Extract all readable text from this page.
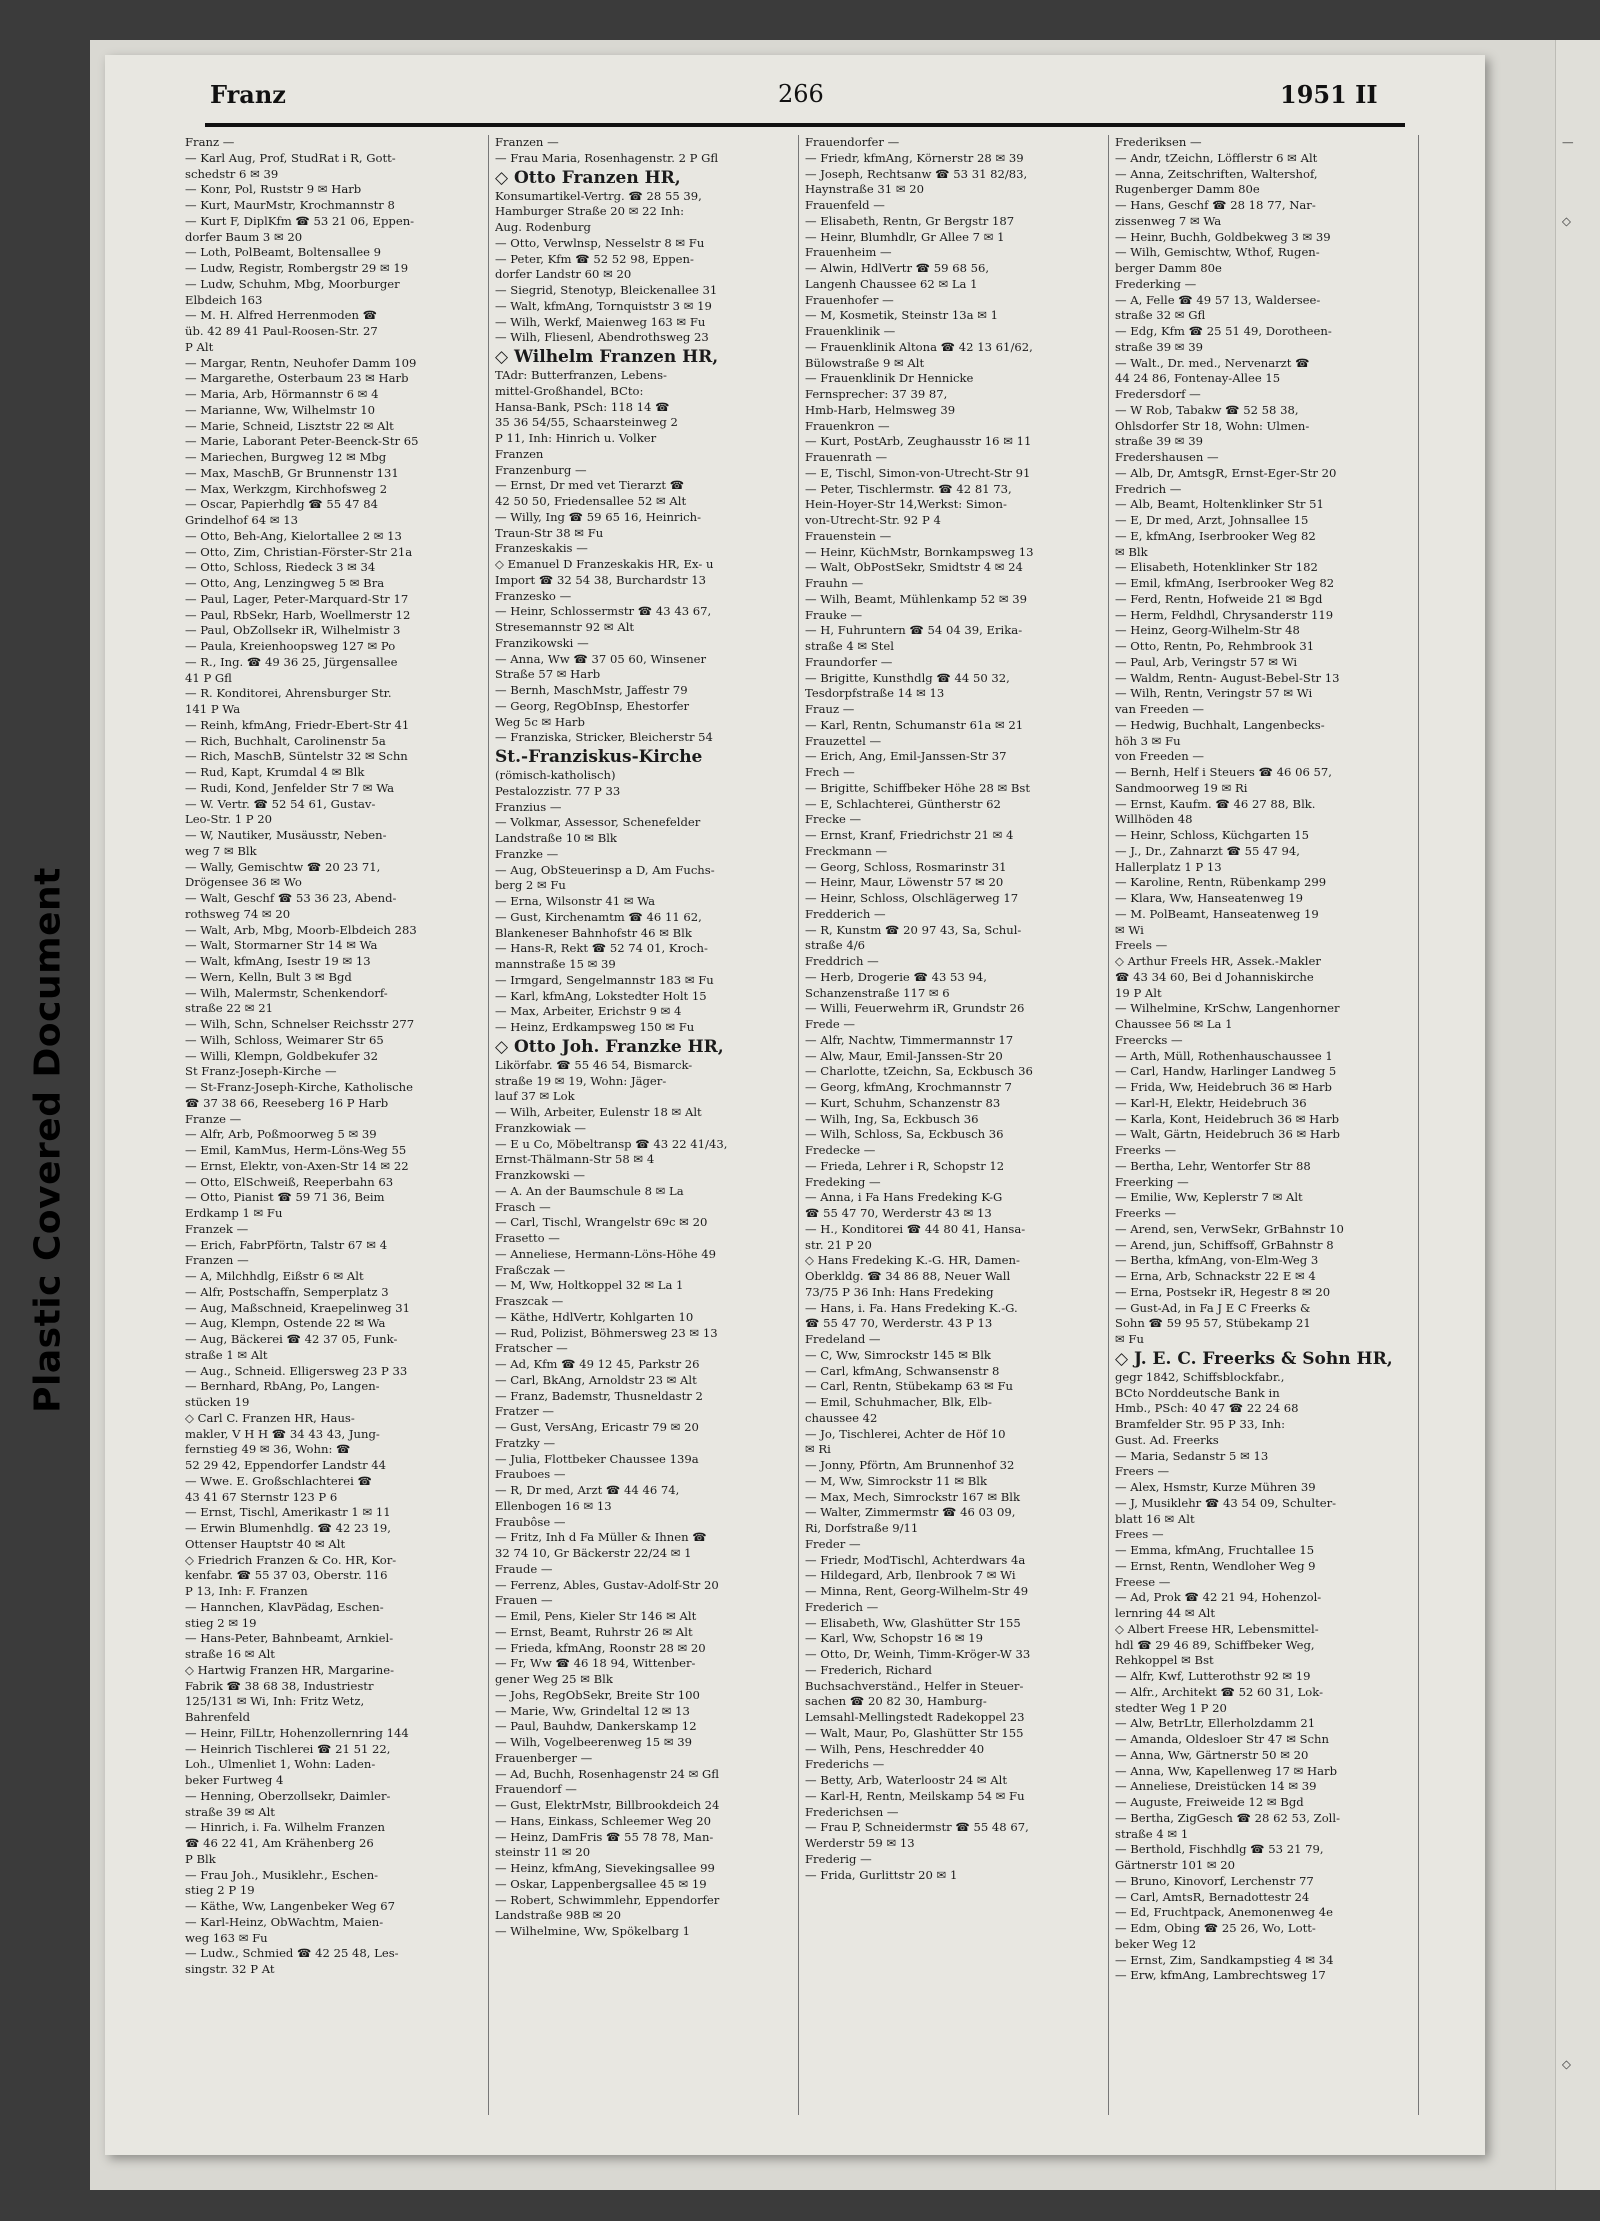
Plastic Covered Document
Franz	266	1951 II
Franz —
— Karl Aug, Prof, StudRat i R, Gott-
schedstr 6 ✉ 39
— Konr, Pol, Ruststr 9 ✉ Harb
— Kurt, MaurMstr, Krochmannstr 8
— Kurt F, DiplKfm ☎ 53 21 06, Eppen-
dorfer Baum 3 ✉ 20
— Loth, PolBeamt, Boltensallee 9
— Ludw, Registr, Rombergstr 29 ✉ 19
— Ludw, Schuhm, Mbg, Moorburger
Elbdeich 163
— M. H. Alfred Herrenmoden ☎
üb. 42 89 41 Paul-Roosen-Str. 27
P Alt
— Margar, Rentn, Neuhofer Damm 109
— Margarethe, Osterbaum 23 ✉ Harb
— Maria, Arb, Hörmannstr 6 ✉ 4
— Marianne, Ww, Wilhelmstr 10
— Marie, Schneid, Lisztstr 22 ✉ Alt
— Marie, Laborant Peter-Beenck-Str 65
— Mariechen, Burgweg 12 ✉ Mbg
— Max, MaschB, Gr Brunnenstr 131
— Max, Werkzgm, Kirchhofsweg 2
— Oscar, Papierhdlg ☎ 55 47 84
Grindelhof 64 ✉ 13
— Otto, Beh-Ang, Kielortallee 2 ✉ 13
— Otto, Zim, Christian-Förster-Str 21a
— Otto, Schloss, Riedeck 3 ✉ 34
— Otto, Ang, Lenzingweg 5 ✉ Bra
— Paul, Lager, Peter-Marquard-Str 17
— Paul, RbSekr, Harb, Woellmerstr 12
— Paul, ObZollsekr iR, Wilhelmistr 3
— Paula, Kreienhoopsweg 127 ✉ Po
— R., Ing. ☎ 49 36 25, Jürgensallee
41 P Gfl
— R. Konditorei, Ahrensburger Str.
141 P Wa
— Reinh, kfmAng, Friedr-Ebert-Str 41
— Rich, Buchhalt, Carolinenstr 5a
— Rich, MaschB, Süntelstr 32 ✉ Schn
— Rud, Kapt, Krumdal 4 ✉ Blk
— Rudi, Kond, Jenfelder Str 7 ✉ Wa
— W. Vertr. ☎ 52 54 61, Gustav-
Leo-Str. 1 P 20
— W, Nautiker, Musäusstr, Neben-
weg 7 ✉ Blk
— Wally, Gemischtw ☎ 20 23 71,
Drögensee 36 ✉ Wo
— Walt, Geschf ☎ 53 36 23, Abend-
rothsweg 74 ✉ 20
— Walt, Arb, Mbg, Moorb-Elbdeich 283
— Walt, Stormarner Str 14 ✉ Wa
— Walt, kfmAng, Isestr 19 ✉ 13
— Wern, Kelln, Bult 3 ✉ Bgd
— Wilh, Malermstr, Schenkendorf-
straße 22 ✉ 21
— Wilh, Schn, Schnelser Reichsstr 277
— Wilh, Schloss, Weimarer Str 65
— Willi, Klempn, Goldbekufer 32
St Franz-Joseph-Kirche —
— St-Franz-Joseph-Kirche, Katholische
☎ 37 38 66, Reeseberg 16 P Harb
Franze —
— Alfr, Arb, Poßmoorweg 5 ✉ 39
— Emil, KamMus, Herm-Löns-Weg 55
— Ernst, Elektr, von-Axen-Str 14 ✉ 22
— Otto, ElSchweiß, Reeperbahn 63
— Otto, Pianist ☎ 59 71 36, Beim
Erdkamp 1 ✉ Fu
Franzek —
— Erich, FabrPförtn, Talstr 67 ✉ 4
Franzen —
— A, Milchhdlg, Eißstr 6 ✉ Alt
— Alfr, Postschaffn, Semperplatz 3
— Aug, Maßschneid, Kraepelinweg 31
— Aug, Klempn, Ostende 22 ✉ Wa
— Aug, Bäckerei ☎ 42 37 05, Funk-
straße 1 ✉ Alt
— Aug., Schneid. Elligersweg 23 P 33
— Bernhard, RbAng, Po, Langen-
stücken 19
◇ Carl C. Franzen HR, Haus-
makler, V H H ☎ 34 43 43, Jung-
fernstieg 49 ✉ 36, Wohn: ☎
52 29 42, Eppendorfer Landstr 44
— Wwe. E. Großschlachterei ☎
43 41 67 Sternstr 123 P 6
— Ernst, Tischl, Amerikastr 1 ✉ 11
— Erwin Blumenhdlg. ☎ 42 23 19,
Ottenser Hauptstr 40 ✉ Alt
◇ Friedrich Franzen & Co. HR, Kor-
kenfabr. ☎ 55 37 03, Oberstr. 116
P 13, Inh: F. Franzen
— Hannchen, KlavPädag, Eschen-
stieg 2 ✉ 19
— Hans-Peter, Bahnbeamt, Arnkiel-
straße 16 ✉ Alt
◇ Hartwig Franzen HR, Margarine-
Fabrik ☎ 38 68 38, Industriestr
125/131 ✉ Wi, Inh: Fritz Wetz,
Bahrenfeld
— Heinr, FilLtr, Hohenzollernring 144
— Heinrich Tischlerei ☎ 21 51 22,
Loh., Ulmenliet 1, Wohn: Laden-
beker Furtweg 4
— Henning, Oberzollsekr, Daimler-
straße 39 ✉ Alt
— Hinrich, i. Fa. Wilhelm Franzen
☎ 46 22 41, Am Krähenberg 26
P Blk
— Frau Joh., Musiklehr., Eschen-
stieg 2 P 19
— Käthe, Ww, Langenbeker Weg 67
— Karl-Heinz, ObWachtm, Maien-
weg 163 ✉ Fu
— Ludw., Schmied ☎ 42 25 48, Les-
singstr. 32 P At
Franzen —
— Frau Maria, Rosenhagenstr. 2 P Gfl
◇ Otto Franzen HR,
Konsumartikel-Vertrg. ☎ 28 55 39,
Hamburger Straße 20 ✉ 22 Inh:
Aug. Rodenburg
— Otto, Verwlnsp, Nesselstr 8 ✉ Fu
— Peter, Kfm ☎ 52 52 98, Eppen-
dorfer Landstr 60 ✉ 20
— Siegrid, Stenotyp, Bleickenallee 31
— Walt, kfmAng, Tornquiststr 3 ✉ 19
— Wilh, Werkf, Maienweg 163 ✉ Fu
— Wilh, Fliesenl, Abendrothsweg 23
◇ Wilhelm Franzen HR,
TAdr: Butterfranzen, Lebens-
mittel-Großhandel, BCto:
Hansa-Bank, PSch: 118 14 ☎
35 36 54/55, Schaarsteinweg 2
P 11, Inh: Hinrich u. Volker
Franzen
Franzenburg —
— Ernst, Dr med vet Tierarzt ☎
42 50 50, Friedensallee 52 ✉ Alt
— Willy, Ing ☎ 59 65 16, Heinrich-
Traun-Str 38 ✉ Fu
Franzeskakis —
◇ Emanuel D Franzeskakis HR, Ex- u
Import ☎ 32 54 38, Burchardstr 13
Franzesko —
— Heinr, Schlossermstr ☎ 43 43 67,
Stresemannstr 92 ✉ Alt
Franzikowski —
— Anna, Ww ☎ 37 05 60, Winsener
Straße 57 ✉ Harb
— Bernh, MaschMstr, Jaffestr 79
— Georg, RegObInsp, Ehestorfer
Weg 5c ✉ Harb
— Franziska, Stricker, Bleicherstr 54
St.-Franziskus-Kirche
(römisch-katholisch)
Pestalozzistr. 77 P 33
Franzius —
— Volkmar, Assessor, Schenefelder
Landstraße 10 ✉ Blk
Franzke —
— Aug, ObSteuerinsp a D, Am Fuchs-
berg 2 ✉ Fu
— Erna, Wilsonstr 41 ✉ Wa
— Gust, Kirchenamtm ☎ 46 11 62,
Blankeneser Bahnhofstr 46 ✉ Blk
— Hans-R, Rekt ☎ 52 74 01, Kroch-
mannstraße 15 ✉ 39
— Irmgard, Sengelmannstr 183 ✉ Fu
— Karl, kfmAng, Lokstedter Holt 15
— Max, Arbeiter, Erichstr 9 ✉ 4
— Heinz, Erdkampsweg 150 ✉ Fu
◇ Otto Joh. Franzke HR,
Likörfabr. ☎ 55 46 54, Bismarck-
straße 19 ✉ 19, Wohn: Jäger-
lauf 37 ✉ Lok
— Wilh, Arbeiter, Eulenstr 18 ✉ Alt
Franzkowiak —
— E u Co, Möbeltransp ☎ 43 22 41/43,
Ernst-Thälmann-Str 58 ✉ 4
Franzkowski —
— A. An der Baumschule 8 ✉ La
Frasch —
— Carl, Tischl, Wrangelstr 69c ✉ 20
Frasetto —
— Anneliese, Hermann-Löns-Höhe 49
Fraßczak —
— M, Ww, Holtkoppel 32 ✉ La 1
Fraszcak —
— Käthe, HdlVertr, Kohlgarten 10
— Rud, Polizist, Böhmersweg 23 ✉ 13
Fratscher —
— Ad, Kfm ☎ 49 12 45, Parkstr 26
— Carl, BkAng, Arnoldstr 23 ✉ Alt
— Franz, Bademstr, Thusneldastr 2
Fratzer —
— Gust, VersAng, Ericastr 79 ✉ 20
Fratzky —
— Julia, Flottbeker Chaussee 139a
Frauboes —
— R, Dr med, Arzt ☎ 44 46 74,
Ellenbogen 16 ✉ 13
Fraubôse —
— Fritz, Inh d Fa Müller & Ihnen ☎
32 74 10, Gr Bäckerstr 22/24 ✉ 1
Fraude —
— Ferrenz, Ables, Gustav-Adolf-Str 20
Frauen —
— Emil, Pens, Kieler Str 146 ✉ Alt
— Ernst, Beamt, Ruhrstr 26 ✉ Alt
— Frieda, kfmAng, Roonstr 28 ✉ 20
— Fr, Ww ☎ 46 18 94, Wittenber-
gener Weg 25 ✉ Blk
— Johs, RegObSekr, Breite Str 100
— Marie, Ww, Grindeltal 12 ✉ 13
— Paul, Bauhdw, Dankerskamp 12
— Wilh, Vogelbeerenweg 15 ✉ 39
Frauenberger —
— Ad, Buchh, Rosenhagenstr 24 ✉ Gfl
Frauendorf —
— Gust, ElektrMstr, Billbrookdeich 24
— Hans, Einkass, Schleemer Weg 20
— Heinz, DamFris ☎ 55 78 78, Man-
steinstr 11 ✉ 20
— Heinz, kfmAng, Sievekingsallee 99
— Oskar, Lappenbergsallee 45 ✉ 19
— Robert, Schwimmlehr, Eppendorfer
Landstraße 98B ✉ 20
— Wilhelmine, Ww, Spökelbarg 1
Frauendorfer —
— Friedr, kfmAng, Körnerstr 28 ✉ 39
— Joseph, Rechtsanw ☎ 53 31 82/83,
Haynstraße 31 ✉ 20
Frauenfeld —
— Elisabeth, Rentn, Gr Bergstr 187
— Heinr, Blumhdlr, Gr Allee 7 ✉ 1
Frauenheim —
— Alwin, HdlVertr ☎ 59 68 56,
Langenh Chaussee 62 ✉ La 1
Frauenhofer —
— M, Kosmetik, Steinstr 13a ✉ 1
Frauenklinik —
— Frauenklinik Altona ☎ 42 13 61/62,
Bülowstraße 9 ✉ Alt
— Frauenklinik Dr Hennicke
Fernsprecher: 37 39 87,
Hmb-Harb, Helmsweg 39
Frauenkron —
— Kurt, PostArb, Zeughausstr 16 ✉ 11
Frauenrath —
— E, Tischl, Simon-von-Utrecht-Str 91
— Peter, Tischlermstr. ☎ 42 81 73,
Hein-Hoyer-Str 14,Werkst: Simon-
von-Utrecht-Str. 92 P 4
Frauenstein —
— Heinr, KüchMstr, Bornkampsweg 13
— Walt, ObPostSekr, Smidtstr 4 ✉ 24
Frauhn —
— Wilh, Beamt, Mühlenkamp 52 ✉ 39
Frauke —
— H, Fuhruntern ☎ 54 04 39, Erika-
straße 4 ✉ Stel
Fraundorfer —
— Brigitte, Kunsthdlg ☎ 44 50 32,
Tesdorpfstraße 14 ✉ 13
Frauz —
— Karl, Rentn, Schumanstr 61a ✉ 21
Frauzettel —
— Erich, Ang, Emil-Janssen-Str 37
Frech —
— Brigitte, Schiffbeker Höhe 28 ✉ Bst
— E, Schlachterei, Güntherstr 62
Frecke —
— Ernst, Kranf, Friedrichstr 21 ✉ 4
Freckmann —
— Georg, Schloss, Rosmarinstr 31
— Heinr, Maur, Löwenstr 57 ✉ 20
— Heinr, Schloss, Olschlägerweg 17
Fredderich —
— R, Kunstm ☎ 20 97 43, Sa, Schul-
straße 4/6
Freddrich —
— Herb, Drogerie ☎ 43 53 94,
Schanzenstraße 117 ✉ 6
— Willi, Feuerwehrm iR, Grundstr 26
Frede —
— Alfr, Nachtw, Timmermannstr 17
— Alw, Maur, Emil-Janssen-Str 20
— Charlotte, tZeichn, Sa, Eckbusch 36
— Georg, kfmAng, Krochmannstr 7
— Kurt, Schuhm, Schanzenstr 83
— Wilh, Ing, Sa, Eckbusch 36
— Wilh, Schloss, Sa, Eckbusch 36
Fredecke —
— Frieda, Lehrer i R, Schopstr 12
Fredeking —
— Anna, i Fa Hans Fredeking K-G
☎ 55 47 70, Werderstr 43 ✉ 13
— H., Konditorei ☎ 44 80 41, Hansa-
str. 21 P 20
◇ Hans Fredeking K.-G. HR, Damen-
Oberkldg. ☎ 34 86 88, Neuer Wall
73/75 P 36 Inh: Hans Fredeking
— Hans, i. Fa. Hans Fredeking K.-G.
☎ 55 47 70, Werderstr. 43 P 13
Fredeland —
— C, Ww, Simrockstr 145 ✉ Blk
— Carl, kfmAng, Schwansenstr 8
— Carl, Rentn, Stübekamp 63 ✉ Fu
— Emil, Schuhmacher, Blk, Elb-
chaussee 42
— Jo, Tischlerei, Achter de Höf 10
✉ Ri
— Jonny, Pförtn, Am Brunnenhof 32
— M, Ww, Simrockstr 11 ✉ Blk
— Max, Mech, Simrockstr 167 ✉ Blk
— Walter, Zimmermstr ☎ 46 03 09,
Ri, Dorfstraße 9/11
Freder —
— Friedr, ModTischl, Achterdwars 4a
— Hildegard, Arb, Ilenbrook 7 ✉ Wi
— Minna, Rent, Georg-Wilhelm-Str 49
Frederich —
— Elisabeth, Ww, Glashütter Str 155
— Karl, Ww, Schopstr 16 ✉ 19
— Otto, Dr, Weinh, Timm-Kröger-W 33
— Frederich, Richard
Buchsachverständ., Helfer in Steuer-
sachen ☎ 20 82 30, Hamburg-
Lemsahl-Mellingstedt Radekoppel 23
— Walt, Maur, Po, Glashütter Str 155
— Wilh, Pens, Heschredder 40
Frederichs —
— Betty, Arb, Waterloostr 24 ✉ Alt
— Karl-H, Rentn, Meilskamp 54 ✉ Fu
Frederichsen —
— Frau P, Schneidermstr ☎ 55 48 67,
Werderstr 59 ✉ 13
Frederig —
— Frida, Gurlittstr 20 ✉ 1
Frederiksen —
— Andr, tZeichn, Löfflerstr 6 ✉ Alt
— Anna, Zeitschriften, Waltershof,
Rugenberger Damm 80e
— Hans, Geschf ☎ 28 18 77, Nar-
zissenweg 7 ✉ Wa
— Heinr, Buchh, Goldbekweg 3 ✉ 39
— Wilh, Gemischtw, Wthof, Rugen-
berger Damm 80e
Frederking —
— A, Felle ☎ 49 57 13, Waldersee-
straße 32 ✉ Gfl
— Edg, Kfm ☎ 25 51 49, Dorotheen-
straße 39 ✉ 39
— Walt., Dr. med., Nervenarzt ☎
44 24 86, Fontenay-Allee 15
Fredersdorf —
— W Rob, Tabakw ☎ 52 58 38,
Ohlsdorfer Str 18, Wohn: Ulmen-
straße 39 ✉ 39
Fredershausen —
— Alb, Dr, AmtsgR, Ernst-Eger-Str 20
Fredrich —
— Alb, Beamt, Holtenklinker Str 51
— E, Dr med, Arzt, Johnsallee 15
— E, kfmAng, Iserbrooker Weg 82
✉ Blk
— Elisabeth, Hotenklinker Str 182
— Emil, kfmAng, Iserbrooker Weg 82
— Ferd, Rentn, Hofweide 21 ✉ Bgd
— Herm, Feldhdl, Chrysanderstr 119
— Heinz, Georg-Wilhelm-Str 48
— Otto, Rentn, Po, Rehmbrook 31
— Paul, Arb, Veringstr 57 ✉ Wi
— Waldm, Rentn- August-Bebel-Str 13
— Wilh, Rentn, Veringstr 57 ✉ Wi
van Freeden —
— Hedwig, Buchhalt, Langenbecks-
höh 3 ✉ Fu
von Freeden —
— Bernh, Helf i Steuers ☎ 46 06 57,
Sandmoorweg 19 ✉ Ri
— Ernst, Kaufm. ☎ 46 27 88, Blk.
Willhöden 48
— Heinr, Schloss, Küchgarten 15
— J., Dr., Zahnarzt ☎ 55 47 94,
Hallerplatz 1 P 13
— Karoline, Rentn, Rübenkamp 299
— Klara, Ww, Hanseatenweg 19
— M. PolBeamt, Hanseatenweg 19
✉ Wi
Freels —
◇ Arthur Freels HR, Assek.-Makler
☎ 43 34 60, Bei d Johanniskirche
19 P Alt
— Wilhelmine, KrSchw, Langenhorner
Chaussee 56 ✉ La 1
Freercks —
— Arth, Müll, Rothenhauschaussee 1
— Carl, Handw, Harlinger Landweg 5
— Frida, Ww, Heidebruch 36 ✉ Harb
— Karl-H, Elektr, Heidebruch 36
— Karla, Kont, Heidebruch 36 ✉ Harb
— Walt, Gärtn, Heidebruch 36 ✉ Harb
Freerks —
— Bertha, Lehr, Wentorfer Str 88
Freerking —
— Emilie, Ww, Keplerstr 7 ✉ Alt
Freerks —
— Arend, sen, VerwSekr, GrBahnstr 10
— Arend, jun, Schiffsoff, GrBahnstr 8
— Bertha, kfmAng, von-Elm-Weg 3
— Erna, Arb, Schnackstr 22 E ✉ 4
— Erna, Postsekr iR, Hegestr 8 ✉ 20
— Gust-Ad, in Fa J E C Freerks &
Sohn ☎ 59 95 57, Stübekamp 21
✉ Fu
◇ J. E. C. Freerks & Sohn HR,
gegr 1842, Schiffsblockfabr.,
BCto Norddeutsche Bank in
Hmb., PSch: 40 47 ☎ 22 24 68
Bramfelder Str. 95 P 33, Inh:
Gust. Ad. Freerks
— Maria, Sedanstr 5 ✉ 13
Freers —
— Alex, Hsmstr, Kurze Mühren 39
— J, Musiklehr ☎ 43 54 09, Schulter-
blatt 16 ✉ Alt
Frees —
— Emma, kfmAng, Fruchtallee 15
— Ernst, Rentn, Wendloher Weg 9
Freese —
— Ad, Prok ☎ 42 21 94, Hohenzol-
lernring 44 ✉ Alt
◇ Albert Freese HR, Lebensmittel-
hdl ☎ 29 46 89, Schiffbeker Weg,
Rehkoppel ✉ Bst
— Alfr, Kwf, Lutterothstr 92 ✉ 19
— Alfr., Architekt ☎ 52 60 31, Lok-
stedter Weg 1 P 20
— Alw, BetrLtr, Ellerholzdamm 21
— Amanda, Oldesloer Str 47 ✉ Schn
— Anna, Ww, Gärtnerstr 50 ✉ 20
— Anna, Ww, Kapellenweg 17 ✉ Harb
— Anneliese, Dreistücken 14 ✉ 39
— Auguste, Freiweide 12 ✉ Bgd
— Bertha, ZigGesch ☎ 28 62 53, Zoll-
straße 4 ✉ 1
— Berthold, Fischhdlg ☎ 53 21 79,
Gärtnerstr 101 ✉ 20
— Bruno, Kinovorf, Lerchenstr 77
— Carl, AmtsR, Bernadottestr 24
— Ed, Fruchtpack, Anemonenweg 4e
— Edm, Obing ☎ 25 26, Wo, Lott-
beker Weg 12
— Ernst, Zim, Sandkampstieg 4 ✉ 34
— Erw, kfmAng, Lambrechtsweg 17
—

◇

◇
